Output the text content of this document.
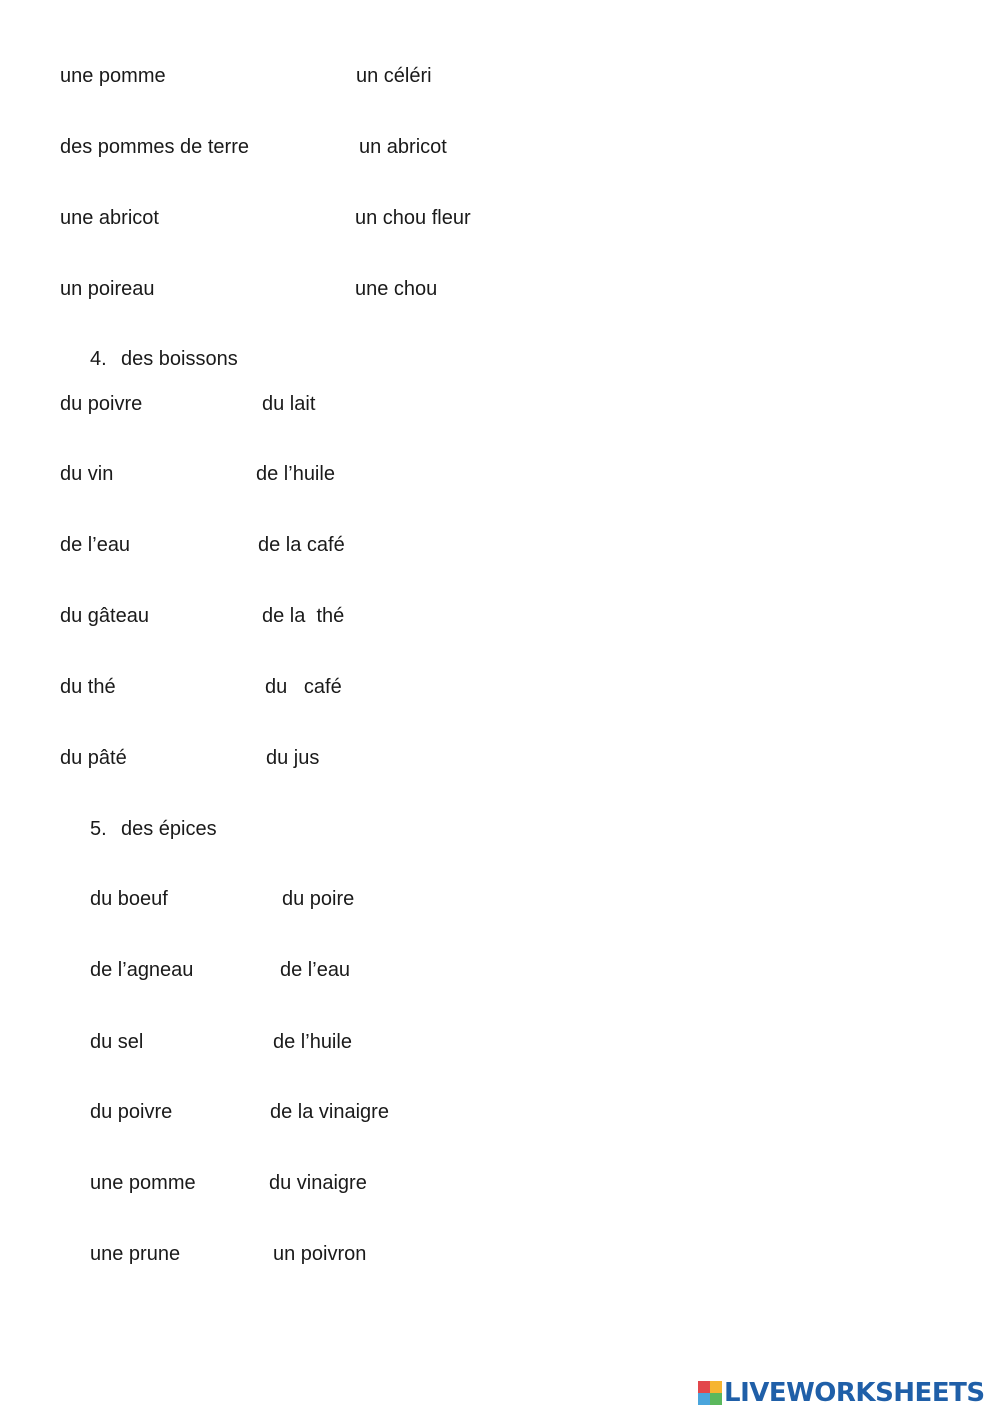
une pomme	un céléri
des pommes de terre	un abricot
une abricot	un chou fleur
un poireau	une chou
4. des boissons
du poivre	du lait
du vin	de l’huile
de l’eau	de la café
du gâteau	de la  thé
du thé	du   café
du pâté	du jus
5. des épices
du boeuf	du poire
de l’agneau	de l’eau
du sel	de l’huile
du poivre	de la vinaigre
une pomme	du vinaigre
une prune	un poivron
LIVEWORKSHEETS
